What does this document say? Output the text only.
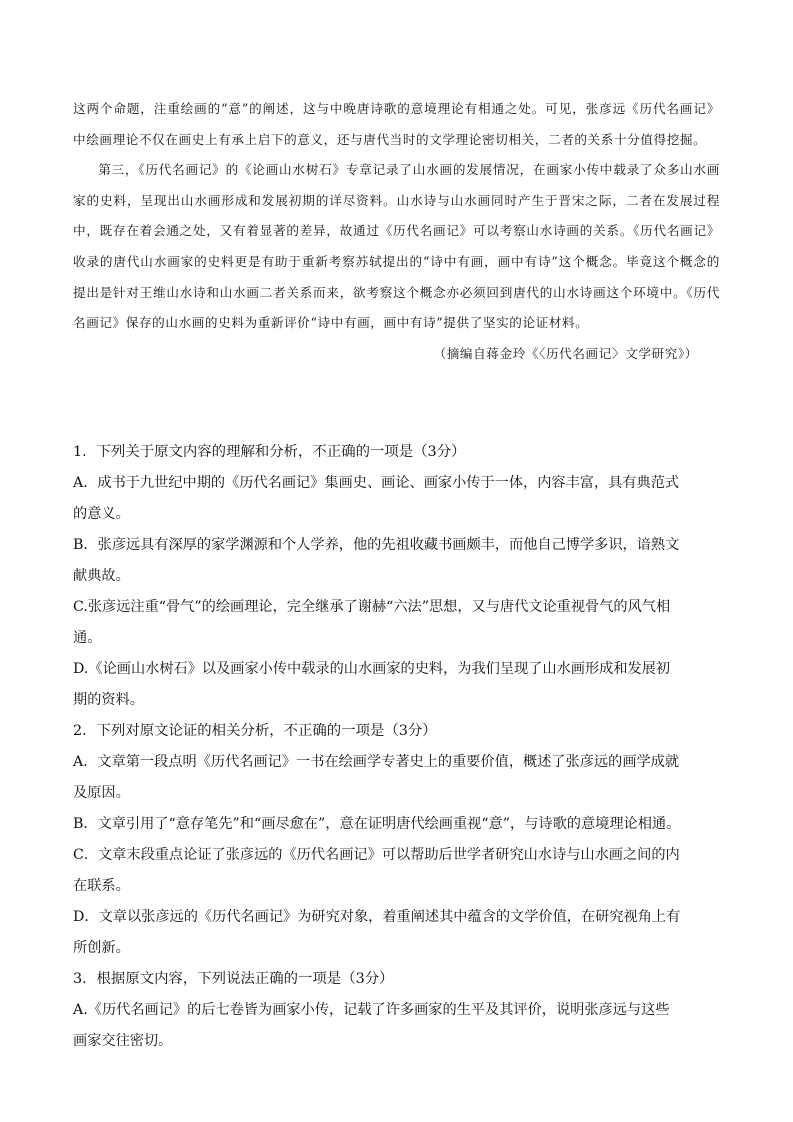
这两个命题，注重绘画的“意”的阐述，这与中晚唐诗歌的意境理论有相通之处。可见，张彦远《历代名画记》中绘画理论不仅在画史上有承上启下的意义，还与唐代当时的文学理论密切相关，二者的关系十分值得挖掘。

第三，《历代名画记》的《论画山水树石》专章记录了山水画的发展情况，在画家小传中载录了众多山水画家的史料，呈现出山水画形成和发展初期的详尽资料。山水诗与山水画同时产生于晋宋之际，二者在发展过程中，既存在着会通之处，又有着显著的差异，故通过《历代名画记》可以考察山水诗画的关系。《历代名画记》收录的唐代山水画家的史料更是有助于重新考察苏轼提出的“诗中有画，画中有诗”这个概念。毕竟这个概念的提出是针对王维山水诗和山水画二者关系而来，欲考察这个概念亦必须回到唐代的山水诗画这个环境中。《历代名画记》保存的山水画的史料为重新评价“诗中有画，画中有诗”提供了坚实的论证材料。

（摘编自蒋金玲《〈历代名画记〉文学研究》）

1．下列关于原文内容的理解和分析，不正确的一项是（3分）

A．成书于九世纪中期的《历代名画记》集画史、画论、画家小传于一体，内容丰富，具有典范式的意义。

B．张彦远具有深厚的家学渊源和个人学养，他的先祖收藏书画颇丰，而他自己博学多识，谙熟文献典故。

C.张彦远注重“骨气”的绘画理论，完全继承了谢赫“六法”思想，又与唐代文论重视骨气的风气相通。

D.《论画山水树石》以及画家小传中载录的山水画家的史料，为我们呈现了山水画形成和发展初期的资料。

2．下列对原文论证的相关分析，不正确的一项是（3分）

A．文章第一段点明《历代名画记》一书在绘画学专著史上的重要价值，概述了张彦远的画学成就及原因。

B．文章引用了“意存笔先”和“画尽愈在”，意在证明唐代绘画重视“意”，与诗歌的意境理论相通。

C．文章末段重点论证了张彦远的《历代名画记》可以帮助后世学者研究山水诗与山水画之间的内在联系。

D．文章以张彦远的《历代名画记》为研究对象，着重阐述其中蕴含的文学价值，在研究视角上有所创新。

3．根据原文内容，下列说法正确的一项是（3分）

A.《历代名画记》的后七卷皆为画家小传，记载了许多画家的生平及其评价，说明张彦远与这些画家交往密切。
